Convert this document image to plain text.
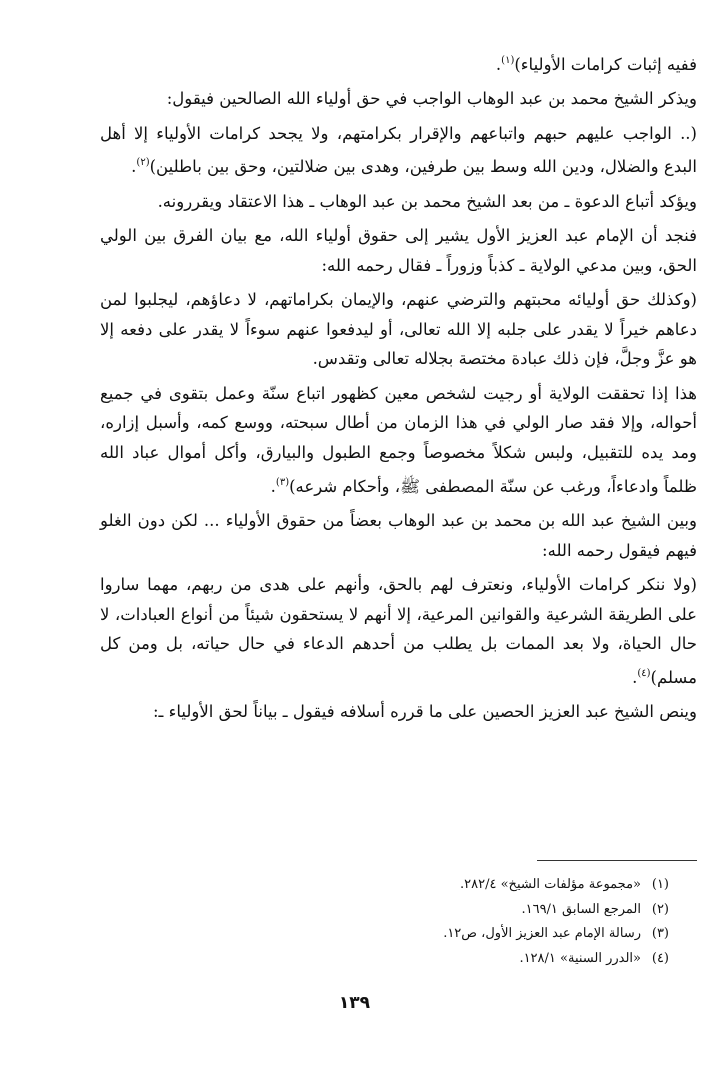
ففيه إثبات كرامات الأولياء)$^{(١)}$.

ويذكر الشيخ محمد بن عبد الوهاب الواجب في حق أولياء الله الصالحين فيقول:

(.. الواجب عليهم حبهم واتباعهم والإقرار بكرامتهم، ولا يجحد كرامات الأولياء إلا أهل البدع والضلال، ودين الله وسط بين طرفين، وهدى بين ضلالتين، وحق بين باطلين)$^{(٢)}$.

ويؤكد أتباع الدعوة ـ من بعد الشيخ محمد بن عبد الوهاب ـ هذا الاعتقاد ويقررونه.

فنجد أن الإمام عبد العزيز الأول يشير إلى حقوق أولياء الله، مع بيان الفرق بين الولي الحق، وبين مدعي الولاية ـ كذباً وزوراً ـ فقال رحمه الله:

(وكذلك حق أوليائه محبتهم والترضي عنهم، والإيمان بكراماتهم، لا دعاؤهم، ليجلبوا لمن دعاهم خيراً لا يقدر على جلبه إلا الله تعالى، أو ليدفعوا عنهم سوءاً لا يقدر على دفعه إلا هو عزَّ وجلَّ، فإن ذلك عبادة مختصة بجلاله تعالى وتقدس.

هذا إذا تحققت الولاية أو رجيت لشخص معين كظهور اتباع سنّة وعمل بتقوى في جميع أحواله، وإلا فقد صار الولي في هذا الزمان من أطال سبحته، ووسع كمه، وأسبل إزاره، ومد يده للتقبيل، ولبس شكلاً مخصوصاً وجمع الطبول والبيارق، وأكل أموال عباد الله ظلماً وادعاءاً، ورغب عن سنّة المصطفى ﷺ، وأحكام شرعه)$^{(٣)}$.

وبين الشيخ عبد الله بن محمد بن عبد الوهاب بعضاً من حقوق الأولياء ... لكن دون الغلو فيهم فيقول رحمه الله:

(ولا ننكر كرامات الأولياء، ونعترف لهم بالحق، وأنهم على هدى من ربهم، مهما ساروا على الطريقة الشرعية والقوانين المرعية، إلا أنهم لا يستحقون شيئاً من أنواع العبادات، لا حال الحياة، ولا بعد الممات بل يطلب من أحدهم الدعاء في حال حياته، بل ومن كل مسلم)$^{(٤)}$.

وينص الشيخ عبد العزيز الحصين على ما قرره أسلافه فيقول ـ بياناً لحق الأولياء ـ:

(١)«مجموعة مؤلفات الشيخ» ٢٨٢/٤.

(٢)المرجع السابق ١٦٩/١.

(٣)رسالة الإمام عبد العزيز الأول، ص١٢.

(٤)«الدرر السنية» ١٢٨/١.

١٣٩
